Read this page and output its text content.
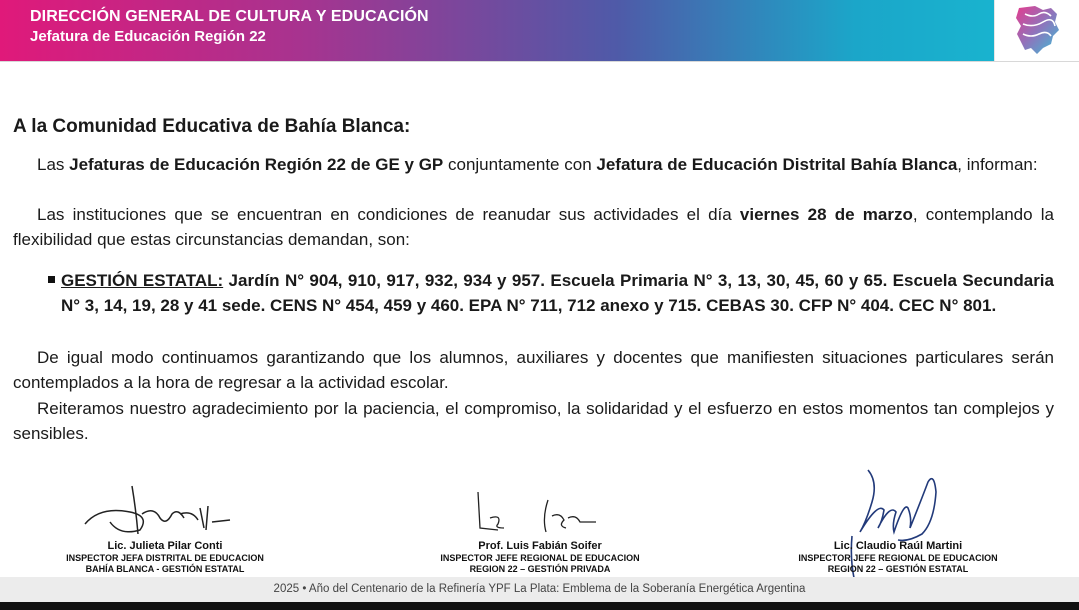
DIRECCIÓN GENERAL DE CULTURA Y EDUCACIÓN
Jefatura de Educación Región 22
A la Comunidad Educativa de Bahía Blanca:
Las Jefaturas de Educación Región 22 de GE y GP conjuntamente con Jefatura de Educación Distrital Bahía Blanca, informan:
Las instituciones que se encuentran en condiciones de reanudar sus actividades el día viernes 28 de marzo, contemplando la flexibilidad que estas circunstancias demandan, son:
GESTIÓN ESTATAL: Jardín N° 904, 910, 917, 932, 934 y 957. Escuela Primaria N° 3, 13, 30, 45, 60 y 65. Escuela Secundaria N° 3, 14, 19, 28 y 41 sede. CENS N° 454, 459 y 460. EPA N° 711, 712 anexo y 715. CEBAS 30. CFP N° 404. CEC N° 801.
De igual modo continuamos garantizando que los alumnos, auxiliares y docentes que manifiesten situaciones particulares serán contemplados a la hora de regresar a la actividad escolar.
Reiteramos nuestro agradecimiento por la paciencia, el compromiso, la solidaridad y el esfuerzo en estos momentos tan complejos y sensibles.
Lic. Julieta Pilar Conti
INSPECTOR JEFA DISTRITAL DE EDUCACION
BAHÍA BLANCA - GESTIÓN ESTATAL
Prof. Luis Fabián Soifer
INSPECTOR JEFE REGIONAL DE EDUCACION
REGION 22 – GESTIÓN PRIVADA
Lic. Claudio Raúl Martini
INSPECTOR JEFE REGIONAL DE EDUCACION
REGION 22 – GESTIÓN ESTATAL
2025 • Año del Centenario de la Refinería YPF La Plata: Emblema de la Soberanía Energética Argentina
